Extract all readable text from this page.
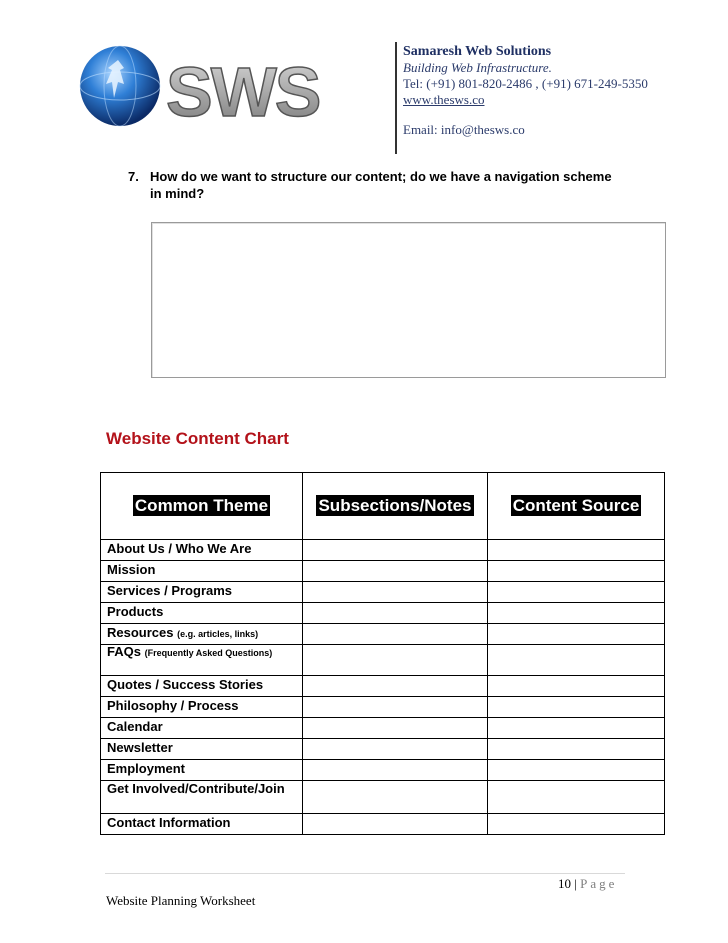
SWS
Samaresh Web Solutions
Building Web Infrastructure.
Tel: (+91) 801-820-2486 , (+91) 671-249-5350
www.thesws.co
Email: info@thesws.co
7. How do we want to structure our content; do we have a navigation scheme in mind?
Website Content Chart
Common Theme	Subsections/Notes	Content Source
About Us / Who We Are		
Mission		
Services / Programs		
Products		
Resources (e.g. articles, links)		
FAQs (Frequently Asked Questions)		
Quotes / Success Stories		
Philosophy / Process		
Calendar		
Newsletter		
Employment		
Get Involved/Contribute/Join		
Contact Information		
10 | Page
Website Planning Worksheet
